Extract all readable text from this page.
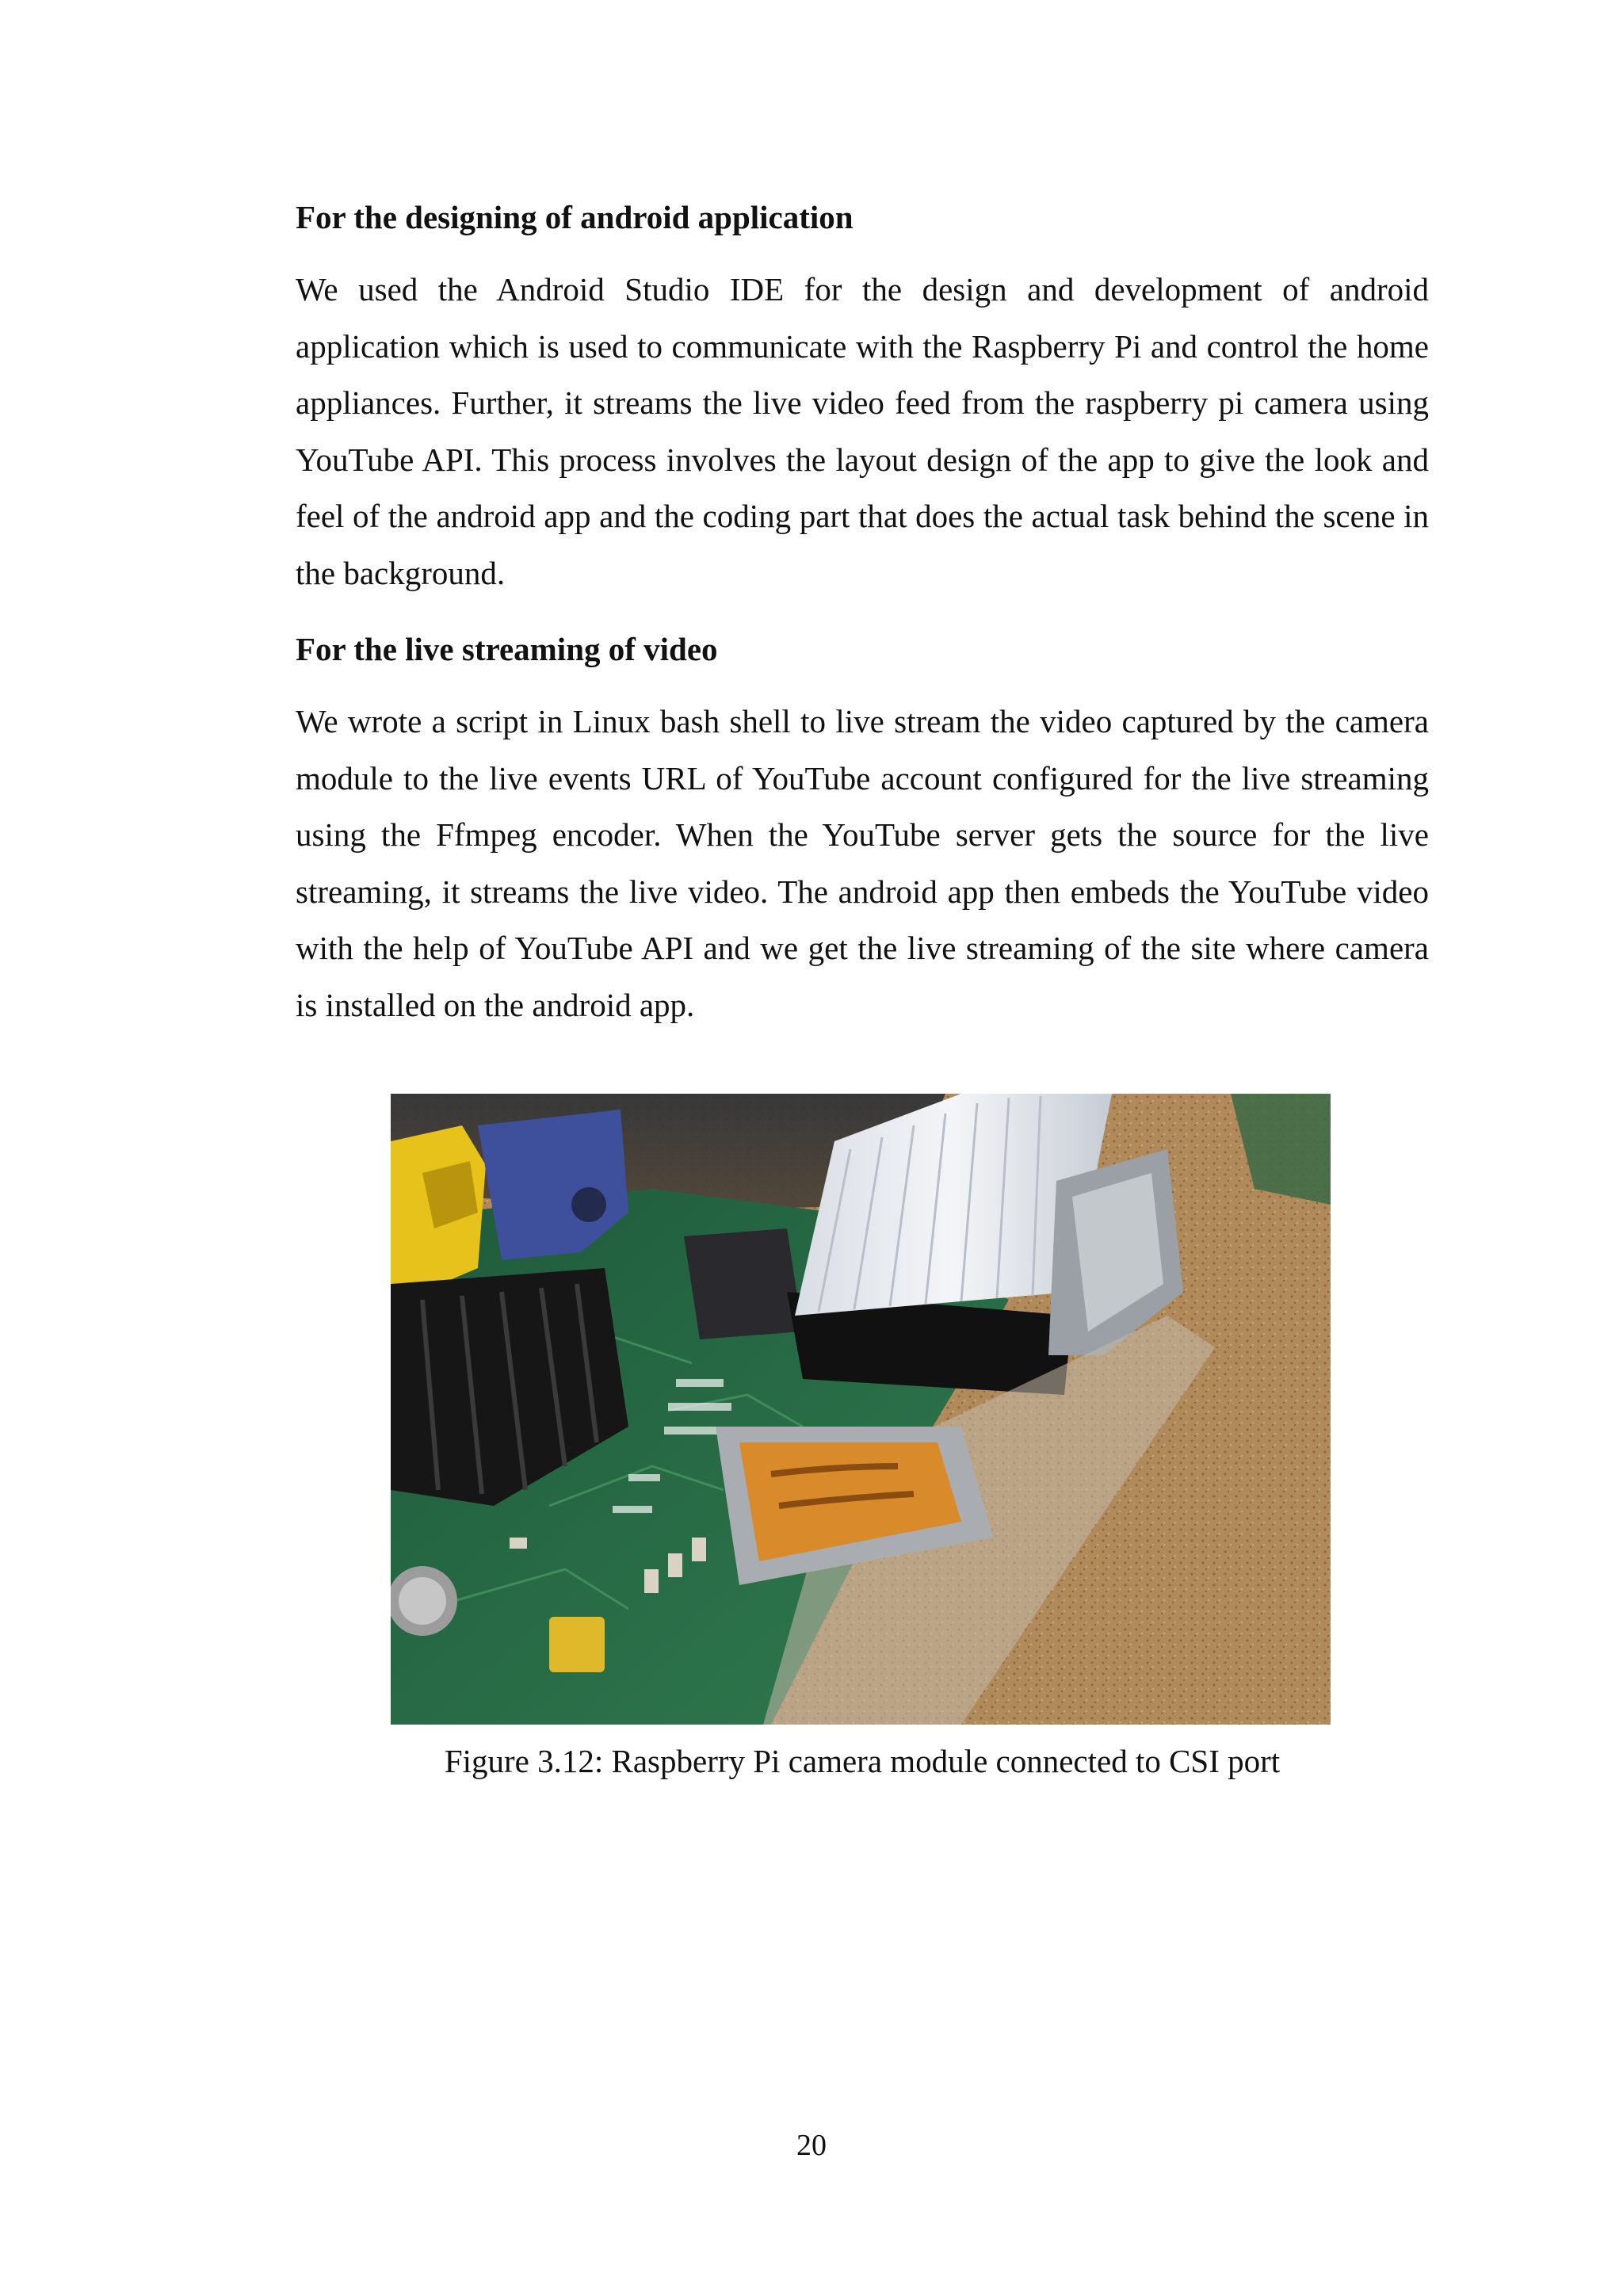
For the designing of android application

We used the Android Studio IDE for the design and development of android application which is used to communicate with the Raspberry Pi and control the home appliances. Further, it streams the live video feed from the raspberry pi camera using YouTube API. This process involves the layout design of the app to give the look and feel of the android app and the coding part that does the actual task behind the scene in the background.

For the live streaming of video

We wrote a script in Linux bash shell to live stream the video captured by the camera module to the live events URL of YouTube account configured for the live streaming using the Ffmpeg encoder. When the YouTube server gets the source for the live streaming, it streams the live video. The android app then embeds the YouTube video with the help of YouTube API and we get the live streaming of the site where camera is installed on the android app.

Figure 3.12: Raspberry Pi camera module connected to CSI port
20
